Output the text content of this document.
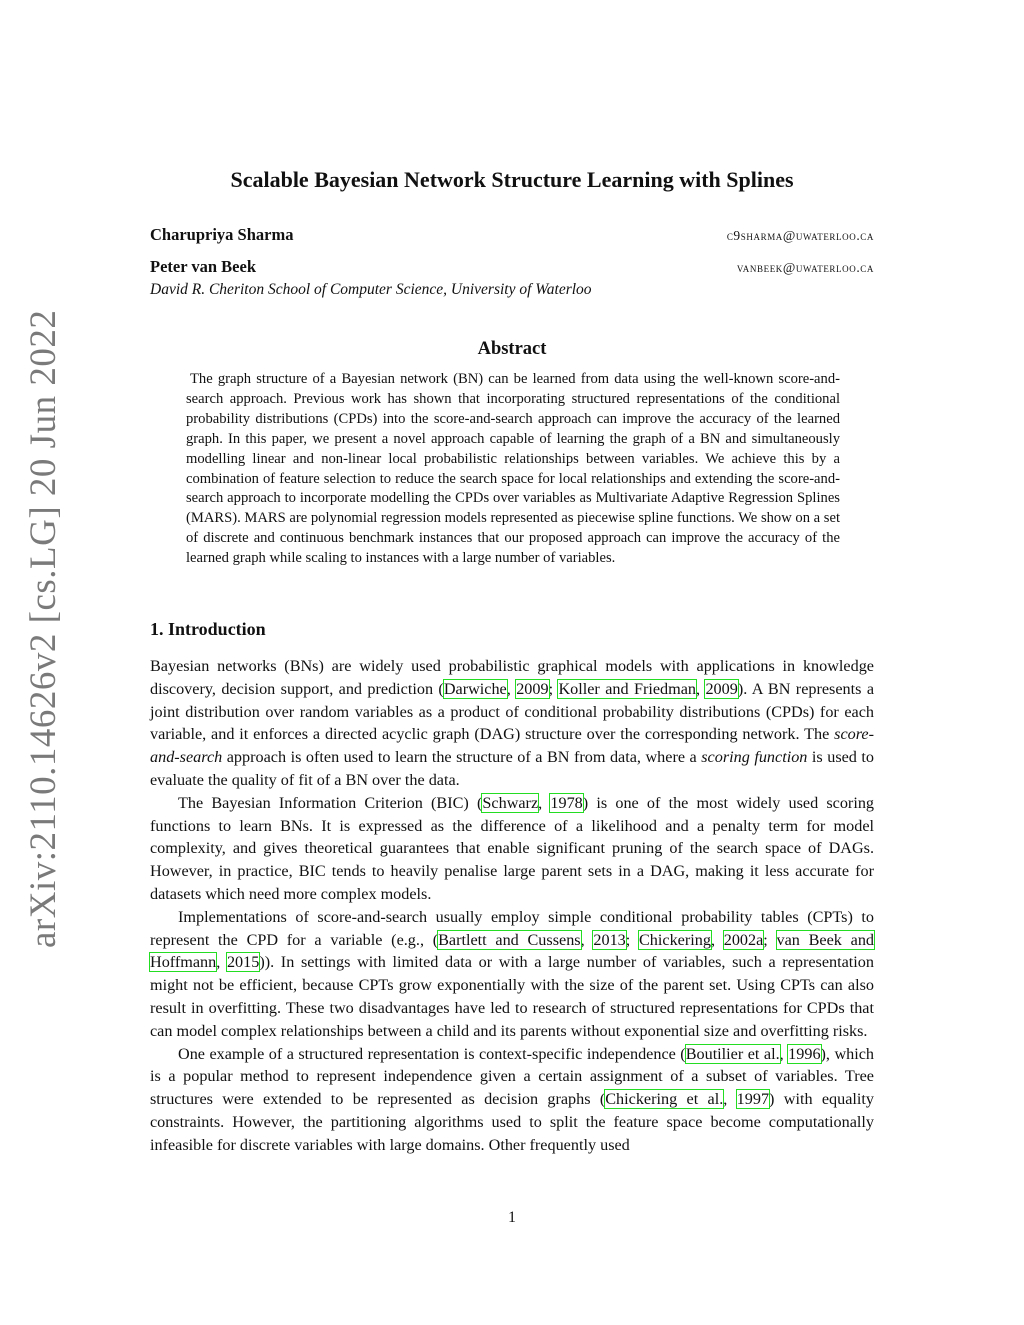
arXiv:2110.14626v2 [cs.LG] 20 Jun 2022
Scalable Bayesian Network Structure Learning with Splines
Charupriya Sharma	c9sharma@uwaterloo.ca
Peter van Beek	vanbeek@uwaterloo.ca
David R. Cheriton School of Computer Science, University of Waterloo
Abstract

The graph structure of a Bayesian network (BN) can be learned from data using the well-known score-and-search approach. Previous work has shown that incorporating structured representations of the conditional probability distributions (CPDs) into the score-and-search approach can improve the accuracy of the learned graph. In this paper, we present a novel approach capable of learning the graph of a BN and simultaneously modelling linear and non-linear local probabilistic relationships between variables. We achieve this by a combination of feature selection to reduce the search space for local relationships and extending the score-and-search approach to incorporate modelling the CPDs over variables as Multivariate Adaptive Regression Splines (MARS). MARS are polynomial regression models represented as piecewise spline functions. We show on a set of discrete and continuous benchmark instances that our proposed approach can improve the accuracy of the learned graph while scaling to instances with a large number of variables.

1. Introduction

Bayesian networks (BNs) are widely used probabilistic graphical models with applications in knowledge discovery, decision support, and prediction (Darwiche, 2009; Koller and Friedman, 2009). A BN represents a joint distribution over random variables as a product of conditional probability distributions (CPDs) for each variable, and it enforces a directed acyclic graph (DAG) structure over the corresponding network. The score-and-search approach is often used to learn the structure of a BN from data, where a scoring function is used to evaluate the quality of fit of a BN over the data.

The Bayesian Information Criterion (BIC) (Schwarz, 1978) is one of the most widely used scoring functions to learn BNs. It is expressed as the difference of a likelihood and a penalty term for model complexity, and gives theoretical guarantees that enable significant pruning of the search space of DAGs. However, in practice, BIC tends to heavily penalise large parent sets in a DAG, making it less accurate for datasets which need more complex models.

Implementations of score-and-search usually employ simple conditional probability tables (CPTs) to represent the CPD for a variable (e.g., (Bartlett and Cussens, 2013; Chickering, 2002a; van Beek and Hoffmann, 2015)). In settings with limited data or with a large number of variables, such a representation might not be efficient, because CPTs grow exponentially with the size of the parent set. Using CPTs can also result in overfitting. These two disadvantages have led to research of structured representations for CPDs that can model complex relationships between a child and its parents without exponential size and overfitting risks.

One example of a structured representation is context-specific independence (Boutilier et al., 1996), which is a popular method to represent independence given a certain assignment of a subset of variables. Tree structures were extended to be represented as decision graphs (Chickering et al., 1997) with equality constraints. However, the partitioning algorithms used to split the feature space become computationally infeasible for discrete variables with large domains. Other frequently used

1
